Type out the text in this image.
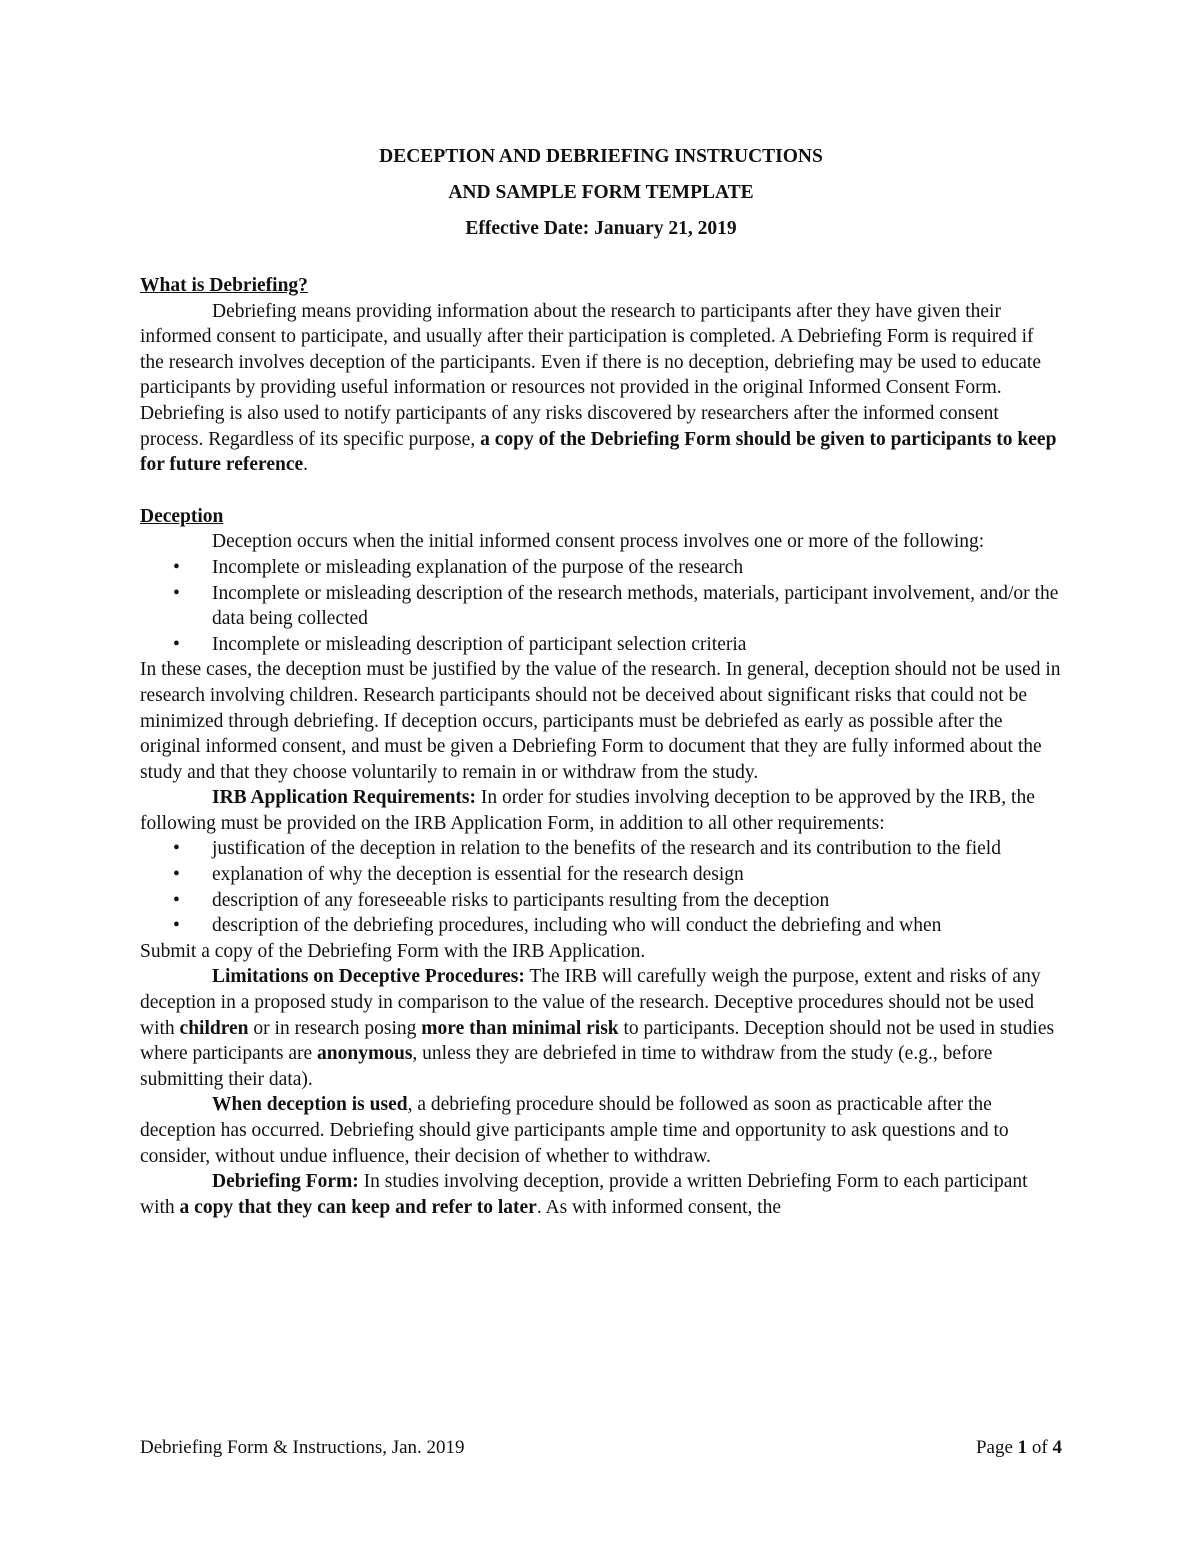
DECEPTION AND DEBRIEFING INSTRUCTIONS
AND SAMPLE FORM TEMPLATE
Effective Date: January 21, 2019
What is Debriefing?

Debriefing means providing information about the research to participants after they have given their informed consent to participate, and usually after their participation is completed. A Debriefing Form is required if the research involves deception of the participants. Even if there is no deception, debriefing may be used to educate participants by providing useful information or resources not provided in the original Informed Consent Form. Debriefing is also used to notify participants of any risks discovered by researchers after the informed consent process. Regardless of its specific purpose, a copy of the Debriefing Form should be given to participants to keep for future reference.

Deception

Deception occurs when the initial informed consent process involves one or more of the following:

• Incomplete or misleading explanation of the purpose of the research
• Incomplete or misleading description of the research methods, materials, participant involvement, and/or the data being collected
• Incomplete or misleading description of participant selection criteria

In these cases, the deception must be justified by the value of the research. In general, deception should not be used in research involving children. Research participants should not be deceived about significant risks that could not be minimized through debriefing. If deception occurs, participants must be debriefed as early as possible after the original informed consent, and must be given a Debriefing Form to document that they are fully informed about the study and that they choose voluntarily to remain in or withdraw from the study.

IRB Application Requirements: In order for studies involving deception to be approved by the IRB, the following must be provided on the IRB Application Form, in addition to all other requirements:

• justification of the deception in relation to the benefits of the research and its contribution to the field
• explanation of why the deception is essential for the research design
• description of any foreseeable risks to participants resulting from the deception
• description of the debriefing procedures, including who will conduct the debriefing and when

Submit a copy of the Debriefing Form with the IRB Application.

Limitations on Deceptive Procedures: The IRB will carefully weigh the purpose, extent and risks of any deception in a proposed study in comparison to the value of the research. Deceptive procedures should not be used with children or in research posing more than minimal risk to participants. Deception should not be used in studies where participants are anonymous, unless they are debriefed in time to withdraw from the study (e.g., before submitting their data).

When deception is used, a debriefing procedure should be followed as soon as practicable after the deception has occurred. Debriefing should give participants ample time and opportunity to ask questions and to consider, without undue influence, their decision of whether to withdraw.

Debriefing Form: In studies involving deception, provide a written Debriefing Form to each participant with a copy that they can keep and refer to later. As with informed consent, the

Debriefing Form & Instructions, Jan. 2019	Page 1 of 4
